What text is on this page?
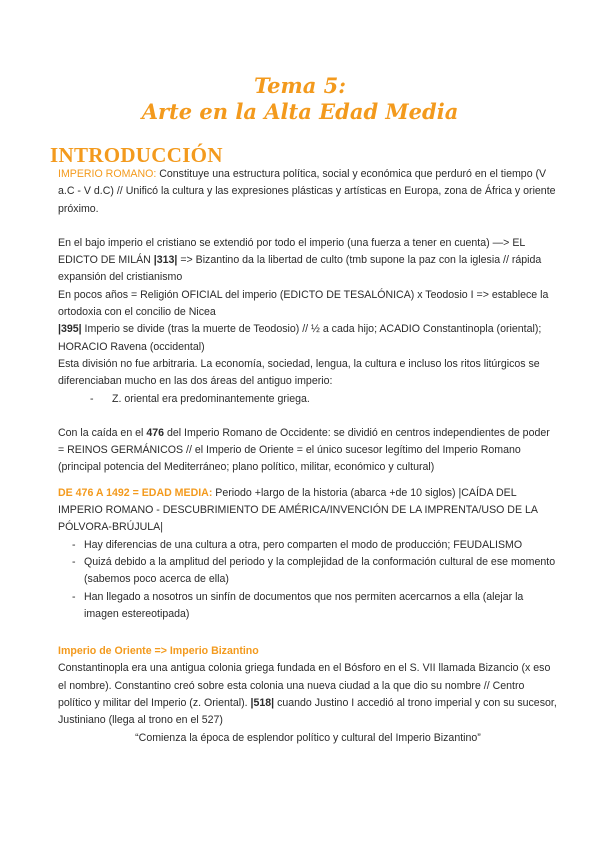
Tema 5:
Arte en la Alta Edad Media
INTRODUCCIÓN

IMPERIO ROMANO: Constituye una estructura política, social y económica que perduró en el tiempo (V a.C - V d.C) // Unificó la cultura y las expresiones plásticas y artísticas en Europa, zona de África y oriente próximo.

En el bajo imperio el cristiano se extendió por todo el imperio (una fuerza a tener en cuenta) —> EL EDICTO DE MILÁN |313| => Bizantino da la libertad de culto (tmb supone la paz con la iglesia // rápida expansión del cristianismo

En pocos años = Religión OFICIAL del imperio (EDICTO DE TESALÓNICA) x Teodosio I => establece la ortodoxia con el concilio de Nicea

|395| Imperio se divide (tras la muerte de Teodosio) // ½ a cada hijo; ACADIO Constantinopla (oriental); HORACIO Ravena (occidental)

Esta división no fue arbitraria. La economía, sociedad, lengua, la cultura e incluso los ritos litúrgicos se diferenciaban mucho en las dos áreas del antiguo imperio:

- Z. oriental era predominantemente griega.

Con la caída en el 476 del Imperio Romano de Occidente: se dividió en centros independientes de poder = REINOS GERMÁNICOS // el Imperio de Oriente = el único sucesor legítimo del Imperio Romano (principal potencia del Mediterráneo; plano político, militar, económico y cultural)

DE 476 A 1492 = EDAD MEDIA: Periodo +largo de la historia (abarca +de 10 siglos) |CAÍDA DEL IMPERIO ROMANO - DESCUBRIMIENTO DE AMÉRICA/INVENCIÓN DE LA IMPRENTA/USO DE LA PÓLVORA-BRÚJULA|

- Hay diferencias de una cultura a otra, pero comparten el modo de producción; FEUDALISMO
- Quizá debido a la amplitud del periodo y la complejidad de la conformación cultural de ese momento (sabemos poco acerca de ella)
- Han llegado a nosotros un sinfín de documentos que nos permiten acercarnos a ella (alejar la imagen estereotipada)

Imperio de Oriente => Imperio Bizantino

Constantinopla era una antigua colonia griega fundada en el Bósforo en el S. VII llamada Bizancio (x eso el nombre). Constantino creó sobre esta colonia una nueva ciudad a la que dio su nombre // Centro político y militar del Imperio (z. Oriental). |518| cuando Justino I accedió al trono imperial y con su sucesor, Justiniano (llega al trono en el 527)

“Comienza la época de esplendor político y cultural del Imperio Bizantino”
